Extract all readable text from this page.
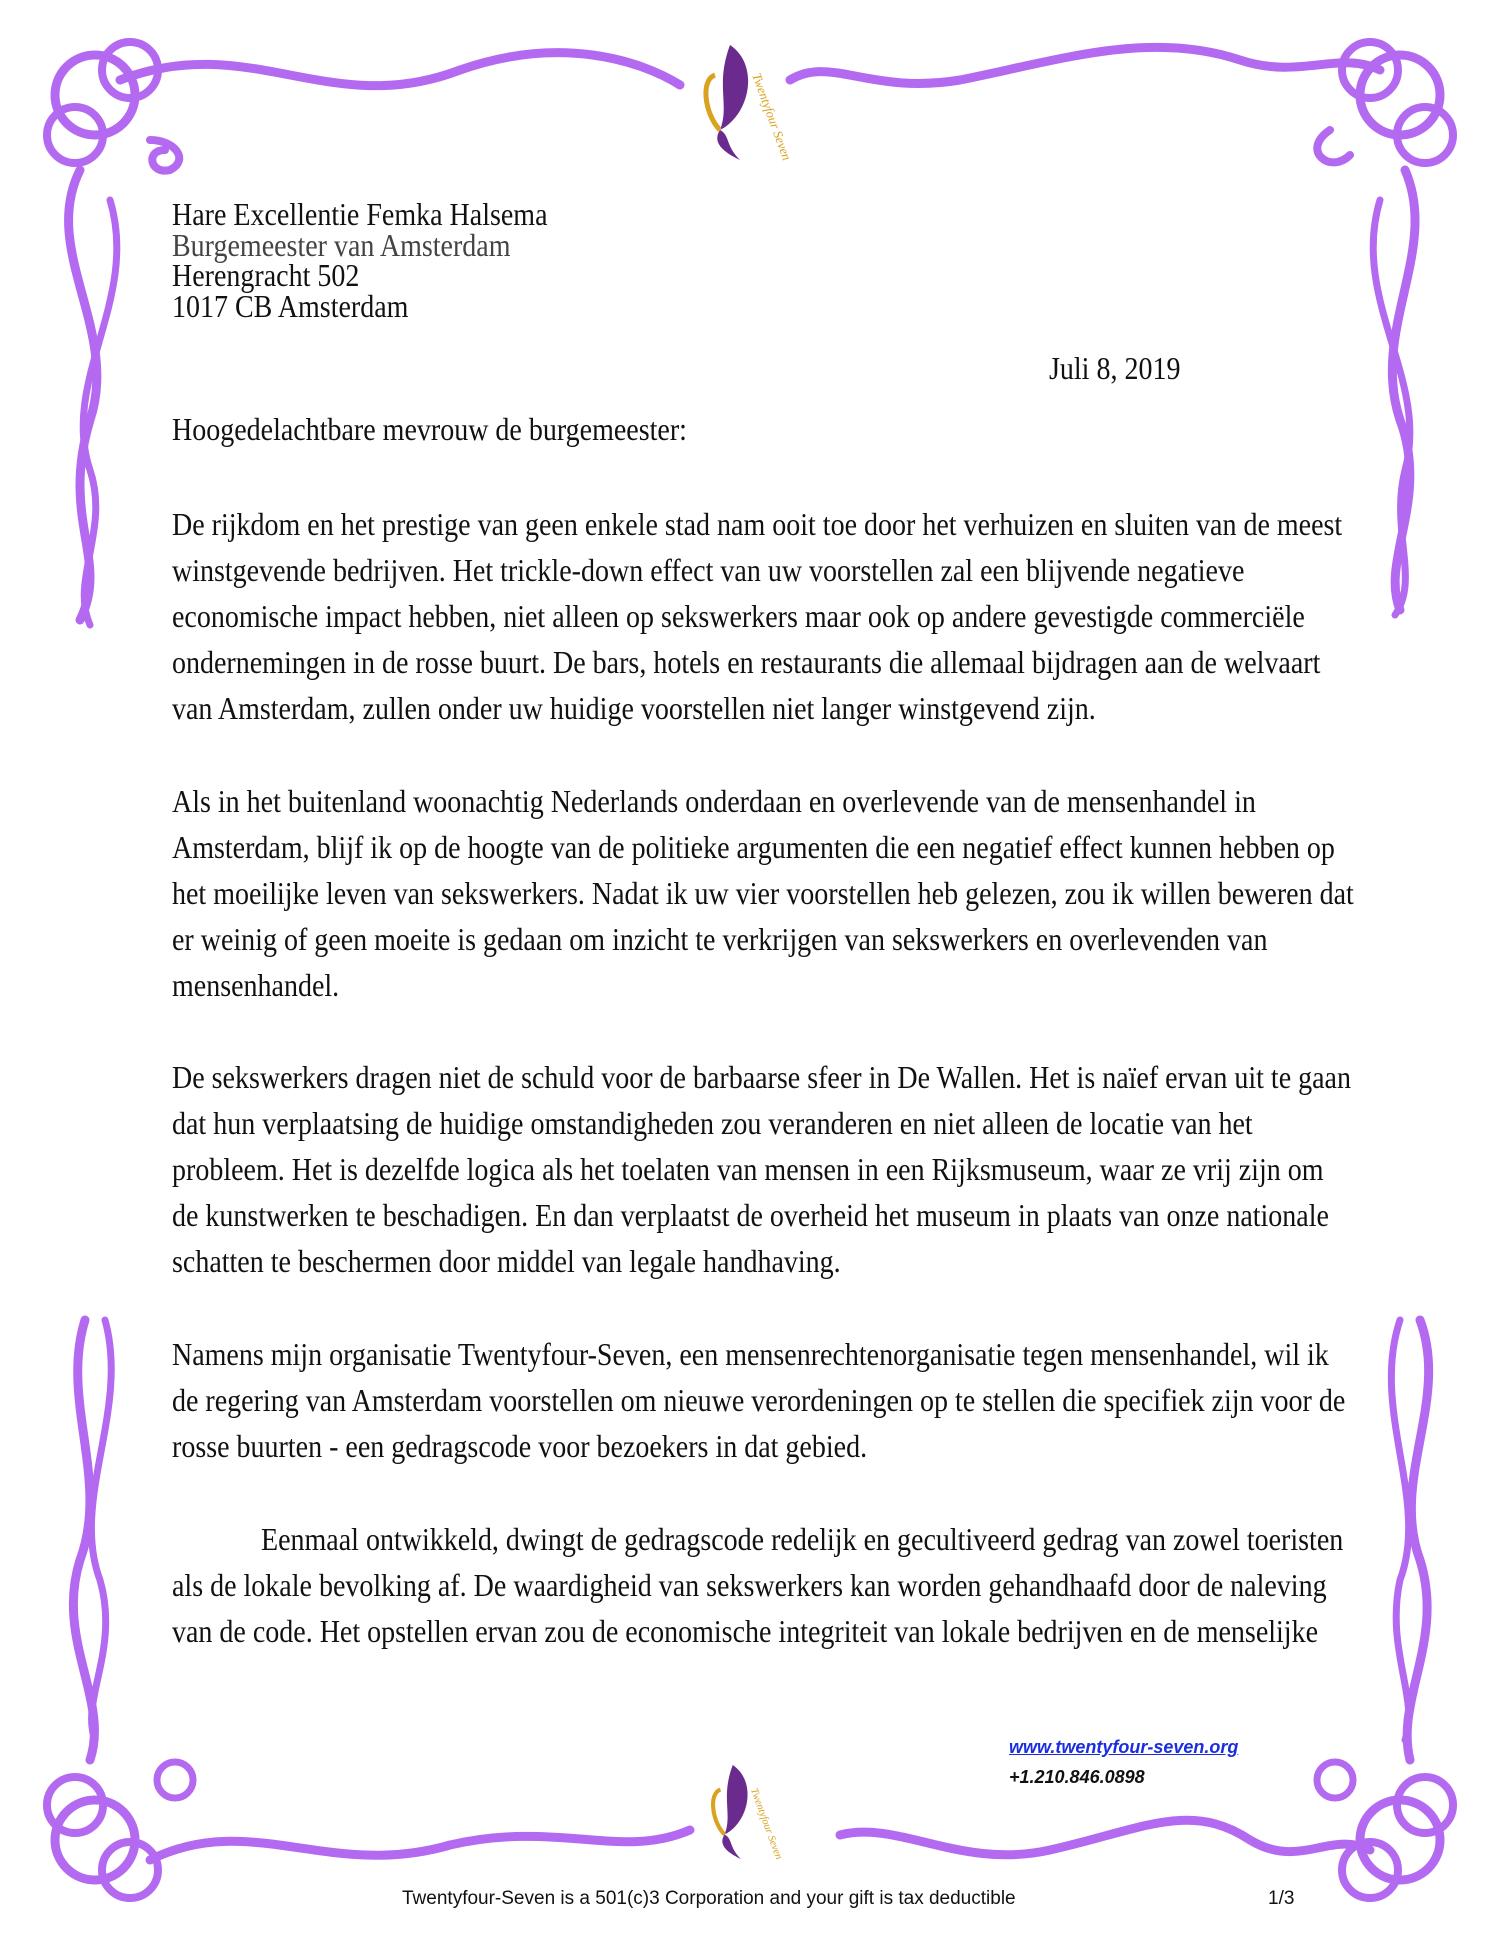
Twentyfour Seven
Twentyfour Seven
Hare Excellentie Femka Halsema
Burgemeester van Amsterdam
Herengracht 502
1017 CB Amsterdam
Juli 8, 2019
Hoogedelachtbare mevrouw de burgemeester:
De rijkdom en het prestige van geen enkele stad nam ooit toe door het verhuizen en sluiten van de meest
winstgevende bedrijven. Het trickle-down effect van uw voorstellen zal een blijvende negatieve
economische impact hebben, niet alleen op sekswerkers maar ook op andere gevestigde commerciële
ondernemingen in de rosse buurt. De bars, hotels en restaurants die allemaal bijdragen aan de welvaart
van Amsterdam, zullen onder uw huidige voorstellen niet langer winstgevend zijn.
Als in het buitenland woonachtig Nederlands onderdaan en overlevende van de mensenhandel in
Amsterdam, blijf ik op de hoogte van de politieke argumenten die een negatief effect kunnen hebben op
het moeilijke leven van sekswerkers. Nadat ik uw vier voorstellen heb gelezen, zou ik willen beweren dat
er weinig of geen moeite is gedaan om inzicht te verkrijgen van sekswerkers en overlevenden van
mensenhandel.
De sekswerkers dragen niet de schuld voor de barbaarse sfeer in De Wallen. Het is naïef ervan uit te gaan
dat hun verplaatsing de huidige omstandigheden zou veranderen en niet alleen de locatie van het
probleem. Het is dezelfde logica als het toelaten van mensen in een Rijksmuseum, waar ze vrij zijn om
de kunstwerken te beschadigen. En dan verplaatst de overheid het museum in plaats van onze nationale
schatten te beschermen door middel van legale handhaving.
Namens mijn organisatie Twentyfour-Seven, een mensenrechtenorganisatie tegen mensenhandel, wil ik
de regering van Amsterdam voorstellen om nieuwe verordeningen op te stellen die specifiek zijn voor de
rosse buurten - een gedragscode voor bezoekers in dat gebied.
Eenmaal ontwikkeld, dwingt de gedragscode redelijk en gecultiveerd gedrag van zowel toeristen
als de lokale bevolking af. De waardigheid van sekswerkers kan worden gehandhaafd door de naleving
van de code. Het opstellen ervan zou de economische integriteit van lokale bedrijven en de menselijke
www.twentyfour-seven.org
+1.210.846.0898
Twentyfour-Seven is a 501(c)3 Corporation and your gift is tax deductible	1/3
